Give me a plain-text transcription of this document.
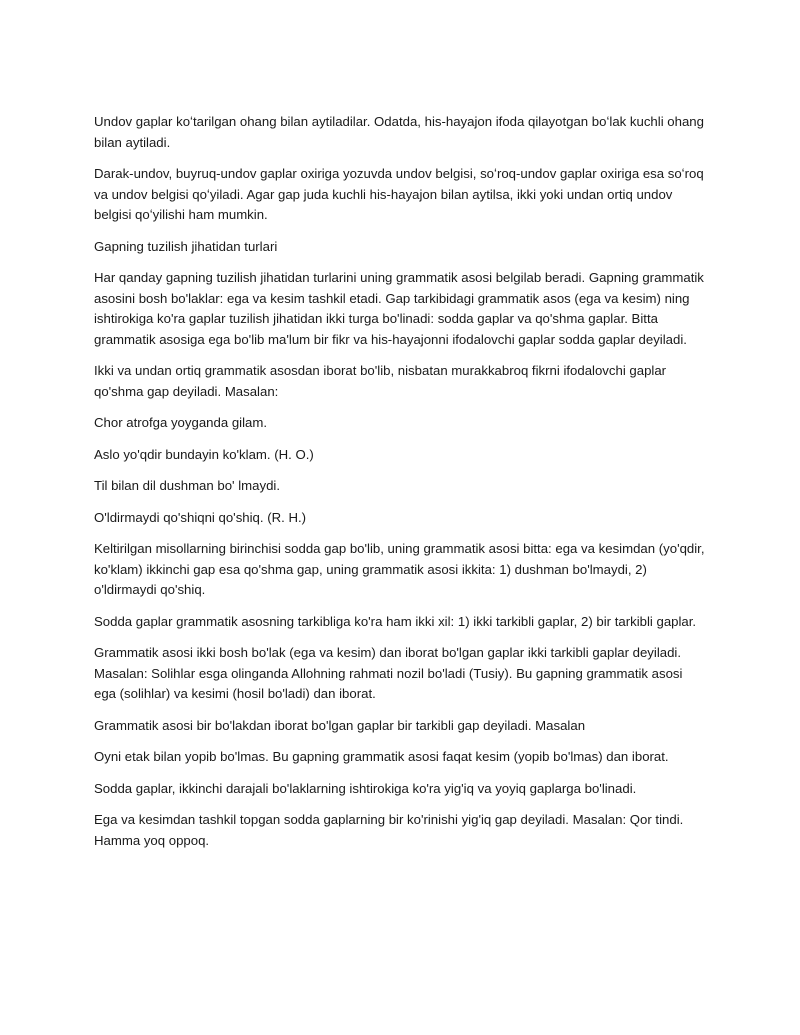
Undov gaplar koʻtarilgan ohang bilan aytiladilar. Odatda, his-hayajon ifoda qilayotgan boʻlak kuchli ohang bilan aytiladi.

Darak-undov, buyruq-undov gaplar oxiriga yozuvda undov belgisi, soʻroq-undov gaplar oxiriga esa soʻroq va undov belgisi qoʻyiladi. Agar gap juda kuchli his-hayajon bilan aytilsa, ikki yoki undan ortiq undov belgisi qoʻyilishi ham mumkin.

Gapning tuzilish jihatidan turlari

Har qanday gapning tuzilish jihatidan turlarini uning grammatik asosi belgilab beradi. Gapning grammatik asosini bosh bo'laklar: ega va kesim tashkil etadi. Gap tarkibidagi grammatik asos (ega va kesim) ning ishtirokiga ko'ra gaplar tuzilish jihatidan ikki turga bo'linadi: sodda gaplar va qo'shma gaplar. Bitta grammatik asosiga ega bo'lib ma'lum bir fikr va his-hayajonni ifodalovchi gaplar sodda gaplar deyiladi.

Ikki va undan ortiq grammatik asosdan iborat bo'lib, nisbatan murakkabroq fikrni ifodalovchi gaplar qo'shma gap deyiladi. Masalan:

Chor atrofga yoyganda gilam.

Aslo yo'qdir bundayin ko'klam. (H. O.)

Til bilan dil dushman bo' lmaydi.

O'ldirmaydi qo'shiqni qo'shiq. (R. H.)

Keltirilgan misollarning birinchisi sodda gap bo'lib, uning grammatik asosi bitta: ega va kesimdan (yo'qdir, ko'klam) ikkinchi gap esa qo'shma gap, uning grammatik asosi ikkita: 1) dushman bo'lmaydi, 2) o'ldirmaydi qo'shiq.

Sodda gaplar grammatik asosning tarkibliga ko'ra ham ikki xil: 1) ikki tarkibli gaplar, 2) bir tarkibli gaplar.

Grammatik asosi ikki bosh bo'lak (ega va kesim) dan iborat bo'lgan gaplar ikki tarkibli gaplar deyiladi. Masalan: Solihlar esga olinganda Allohning rahmati nozil bo'ladi (Tusiy). Bu gapning grammatik asosi ega (solihlar) va kesimi (hosil bo'ladi) dan iborat.

Grammatik asosi bir bo'lakdan iborat bo'lgan gaplar bir tarkibli gap deyiladi. Masalan

Oyni etak bilan yopib bo'lmas. Bu gapning grammatik asosi faqat kesim (yopib bo'lmas) dan iborat.

Sodda gaplar, ikkinchi darajali bo'laklarning ishtirokiga ko'ra yig'iq va yoyiq gaplarga bo'linadi.

Ega va kesimdan tashkil topgan sodda gaplarning bir ko'rinishi yig'iq gap deyiladi. Masalan: Qor tindi. Hamma yoq oppoq.
